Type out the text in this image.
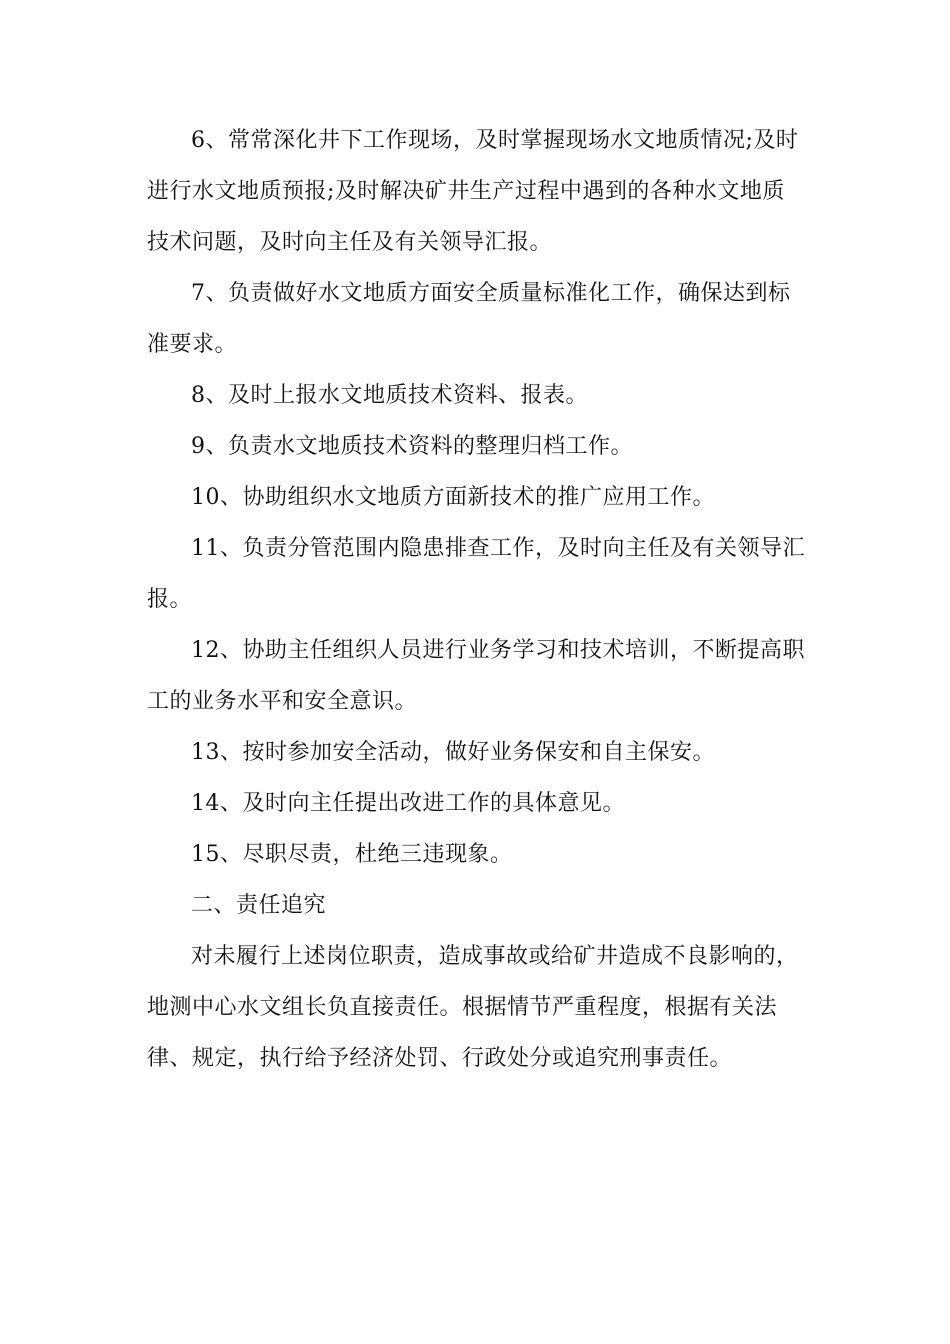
6、常常深化井下工作现场，及时掌握现场水文地质情况;及时进行水文地质预报;及时解决矿井生产过程中遇到的各种水文地质技术问题，及时向主任及有关领导汇报。

7、负责做好水文地质方面安全质量标准化工作，确保达到标准要求。

8、及时上报水文地质技术资料、报表。

9、负责水文地质技术资料的整理归档工作。

10、协助组织水文地质方面新技术的推广应用工作。

11、负责分管范围内隐患排查工作，及时向主任及有关领导汇报。

12、协助主任组织人员进行业务学习和技术培训，不断提高职工的业务水平和安全意识。

13、按时参加安全活动，做好业务保安和自主保安。

14、及时向主任提出改进工作的具体意见。

15、尽职尽责，杜绝三违现象。

二、责任追究

对未履行上述岗位职责，造成事故或给矿井造成不良影响的，地测中心水文组长负直接责任。根据情节严重程度，根据有关法律、规定，执行给予经济处罚、行政处分或追究刑事责任。
